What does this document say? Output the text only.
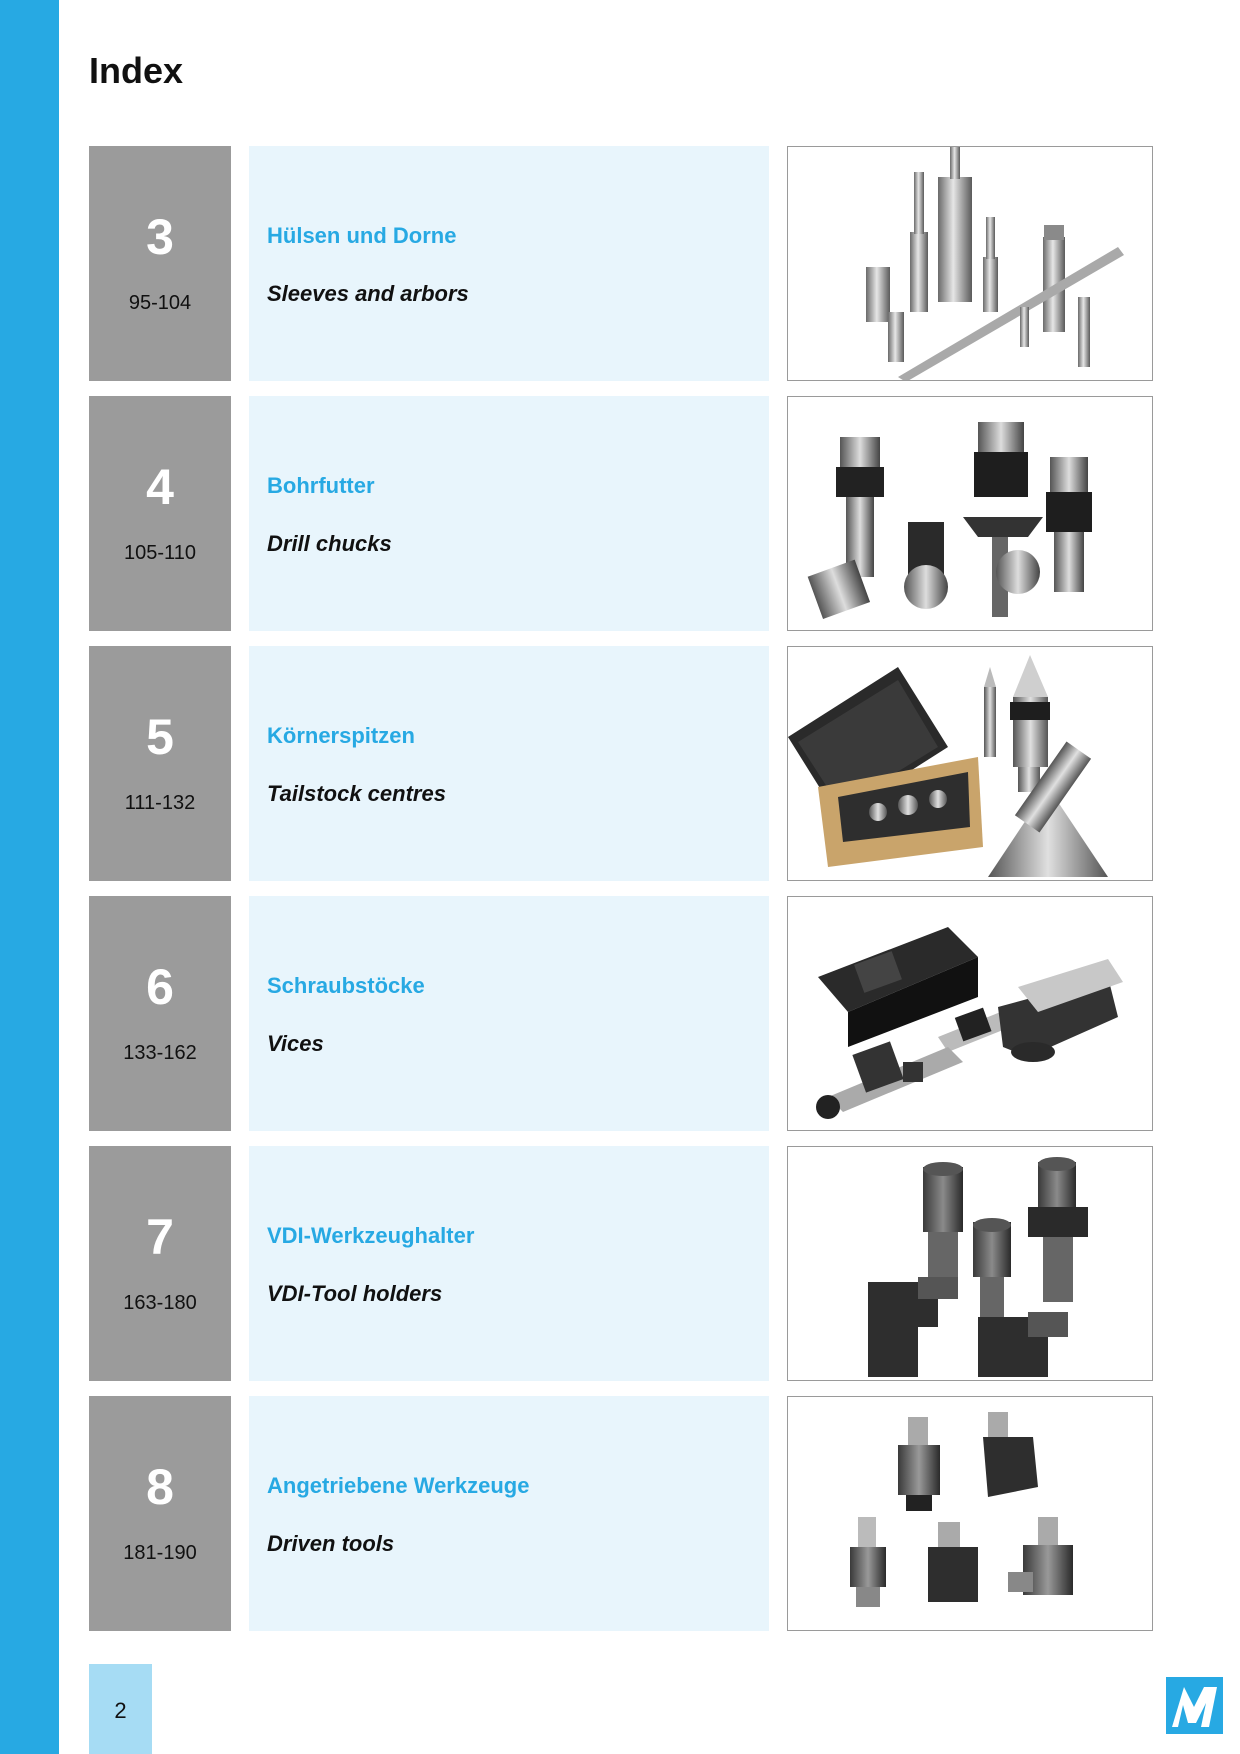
Index
3
95-104
Hülsen und Dorne
Sleeves and arbors
4
105-110
Bohrfutter
Drill chucks
5
111-132
Körnerspitzen
Tailstock centres
6
133-162
Schraubstöcke
Vices
7
163-180
VDI-Werkzeughalter
VDI-Tool holders
8
181-190
Angetriebene Werkzeuge
Driven tools
2
